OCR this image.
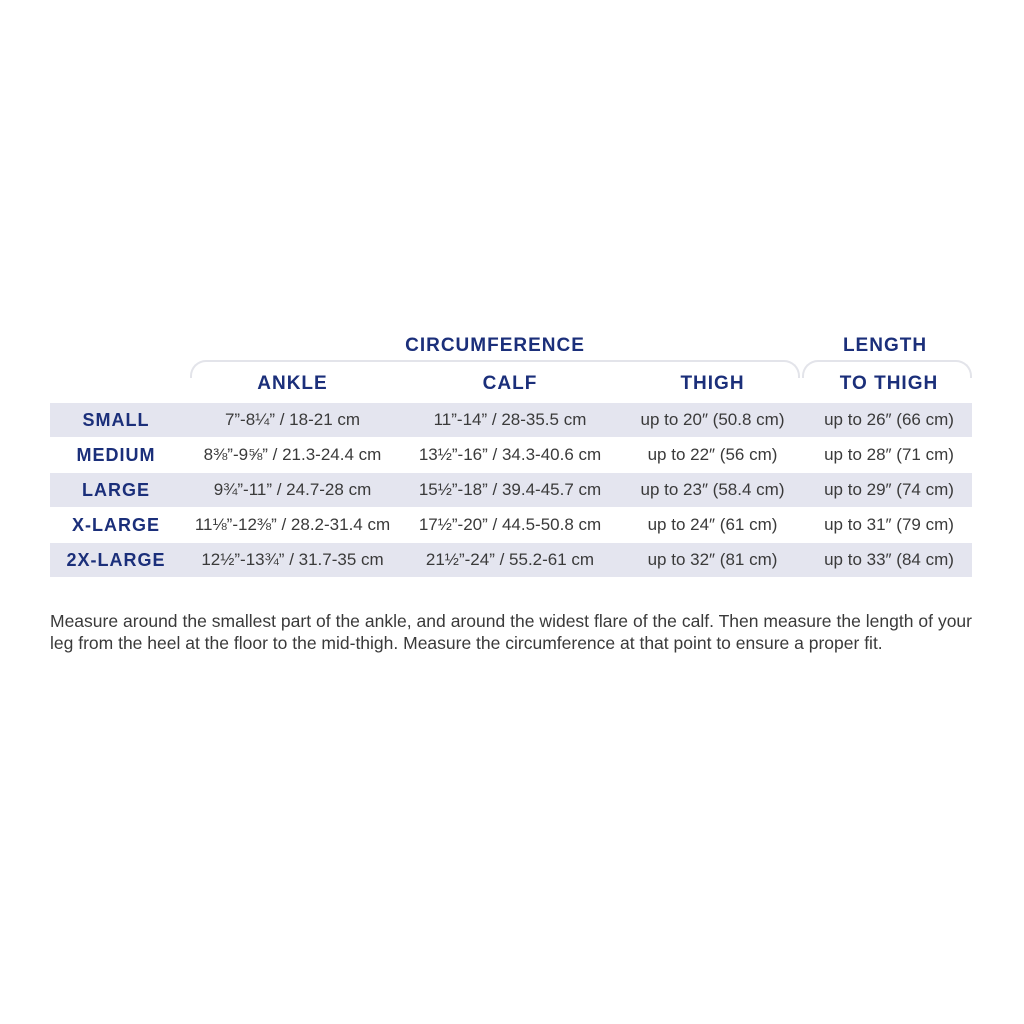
CIRCUMFERENCE	LENGTH
ANKLE	CALF	THIGH	TO THIGH
SMALL	7”-8¼” / 18-21 cm	11”-14” / 28-35.5 cm	up to 20″ (50.8 cm)	up to 26″ (66 cm)
MEDIUM	8⅜”-9⅝” / 21.3-24.4 cm	13½”-16” / 34.3-40.6 cm	up to 22″ (56 cm)	up to 28″ (71 cm)
LARGE	9¾”-11” / 24.7-28 cm	15½”-18” / 39.4-45.7 cm	up to 23″ (58.4 cm)	up to 29″ (74 cm)
X-LARGE	11⅛”-12⅜” / 28.2-31.4 cm	17½”-20” / 44.5-50.8 cm	up to 24″ (61 cm)	up to 31″ (79 cm)
2X-LARGE	12½”-13¾” / 31.7-35 cm	21½”-24” / 55.2-61 cm	up to 32″ (81 cm)	up to 33″ (84 cm)

Measure around the smallest part of the ankle, and around the widest flare of the calf. Then measure the length of your leg from the heel at the floor to the mid-thigh. Measure the circumference at that point to ensure a proper fit.
